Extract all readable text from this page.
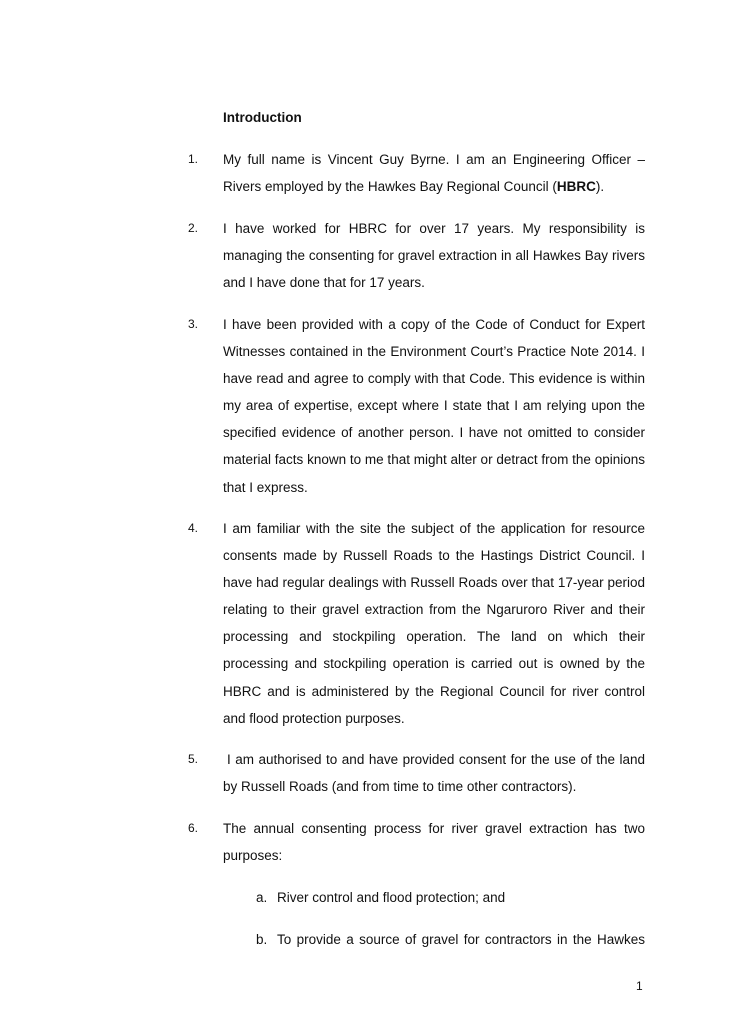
Introduction
1. My full name is Vincent Guy Byrne. I am an Engineering Officer – Rivers employed by the Hawkes Bay Regional Council (HBRC).
2. I have worked for HBRC for over 17 years. My responsibility is managing the consenting for gravel extraction in all Hawkes Bay rivers and I have done that for 17 years.
3. I have been provided with a copy of the Code of Conduct for Expert Witnesses contained in the Environment Court’s Practice Note 2014. I have read and agree to comply with that Code. This evidence is within my area of expertise, except where I state that I am relying upon the specified evidence of another person. I have not omitted to consider material facts known to me that might alter or detract from the opinions that I express.
4. I am familiar with the site the subject of the application for resource consents made by Russell Roads to the Hastings District Council. I have had regular dealings with Russell Roads over that 17-year period relating to their gravel extraction from the Ngaruroro River and their processing and stockpiling operation. The land on which their processing and stockpiling operation is carried out is owned by the HBRC and is administered by the Regional Council for river control and flood protection purposes.
5. I am authorised to and have provided consent for the use of the land by Russell Roads (and from time to time other contractors).
6. The annual consenting process for river gravel extraction has two purposes:
a. River control and flood protection; and
b. To provide a source of gravel for contractors in the Hawkes
1
